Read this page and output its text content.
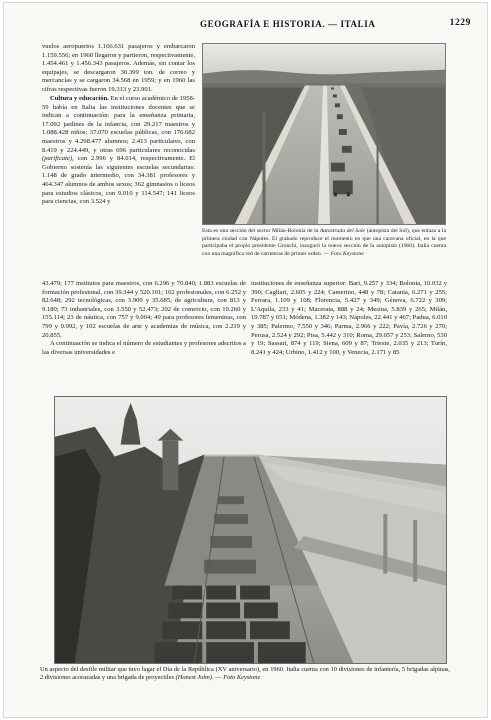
GEOGRAFÍA E HISTORIA. — ITALIA	1229

vuelos aeropuertos 1.166.631 pasajeros y embarcaron 1.159.556; en 1960 llegaron y partieron, respectivamente, 1.454.461 y 1.456.343 pasajeros. Además, sin contar los equipajes, se descargaron 30.399 ton. de correo y mercancías y se cargaron 34.568 en 1959; y en 1960 las cifras respectivas fueron 19.313 y 23.901.

Cultura y educación. En el curso académico de 1958-59 había en Italia las instituciones docentes que se indican a continuación: para la enseñanza primaria, 17.092 jardines de la infancia, con 29.217 maestros y 1.088.428 niños; 37.070 escuelas públicas, con 176.682 maestros y 4.298.477 alumnos; 2.413 particulares, con 8.419 y 224.449, y otras 696 particulares reconocidas (parificate), con 2.996 y 84.014, respectivamente. El Gobierno sostenía las siguientes escuelas secundarias: 1.148 de grado intermedio, con 34.381 profesores y 464.347 alumnos de ambos sexos; 362 gimnasios o liceos para estudios clásicos, con 9.010 y 114.547; 141 liceos para ciencias, con 3.524 y

Esta es una sección del sector Milán-Bolonia de la Autostrada del Sole (autopista del Sol), que enlaza a la primera ciudad con Nápoles. El grabado reproduce el momento en que una caravana oficial, en la que participaba el propio presidente Gronchi, inauguró la nueva sección de la autopista (1960). Italia cuenta con una magnífica red de carreteras de primer orden. — Foto Keystone

43.479; 177 institutos para maestros, con 6.296 y 70.840; 1.883 escuelas de formación profesional, con 39.344 y 520.101; 102 profesionales, con 6.252 y 82.648; 292 tecnológicas, con 3.909 y 35.685; de agricultura, con 813 y 9.180; 73 industriales, con 3.550 y 52.473; 202 de comercio, con 10.260 y 155.114; 23 de náutica, con 757 y 9.004; 49 para profesores femeninas, con 799 y 9.992, y 102 escuelas de arte y academias de música, con 2.219 y 20.855.

A continuación se indica el número de estudiantes y profesores adscritos a las diversas universidades e

instituciones de enseñanza superior: Bari, 9.257 y 334; Bolonia, 10.032 y 390; Cagliari, 2.605 y 224; Camerino, 448 y 78; Catania, 6.271 y 255; Ferrara, 1.109 y 108; Florencia, 5.427 y 349; Génova, 6.722 y 309; L'Aquila, 233 y 41; Macerata, 888 y 24; Mesina, 5.839 y 265; Milán, 19.787 y 651; Módena, 1.382 y 143; Nápoles, 22.441 y 467; Padua, 6.010 y 385; Palermo, 7.550 y 346; Parma, 2.966 y 222; Pavía, 2.726 y 270; Perusa, 2.524 y 292; Pisa, 5.442 y 310; Roma, 29.057 y 253; Salerno, 530 y 19; Sassari, 874 y 119; Siena, 609 y 87; Trieste, 2.035 y 213; Turín, 8.241 y 424; Urbino, 1.412 y 100, y Venecia, 2.171 y 85

Un aspecto del desfile militar que tuvo lugar el Día de la República (XV aniversario), en 1960. Italia cuenta con 10 divisiones de infantería, 5 brigadas alpinas, 2 divisiones acorazadas y una brigada de proyectiles (Honest John). — Foto Keystone
